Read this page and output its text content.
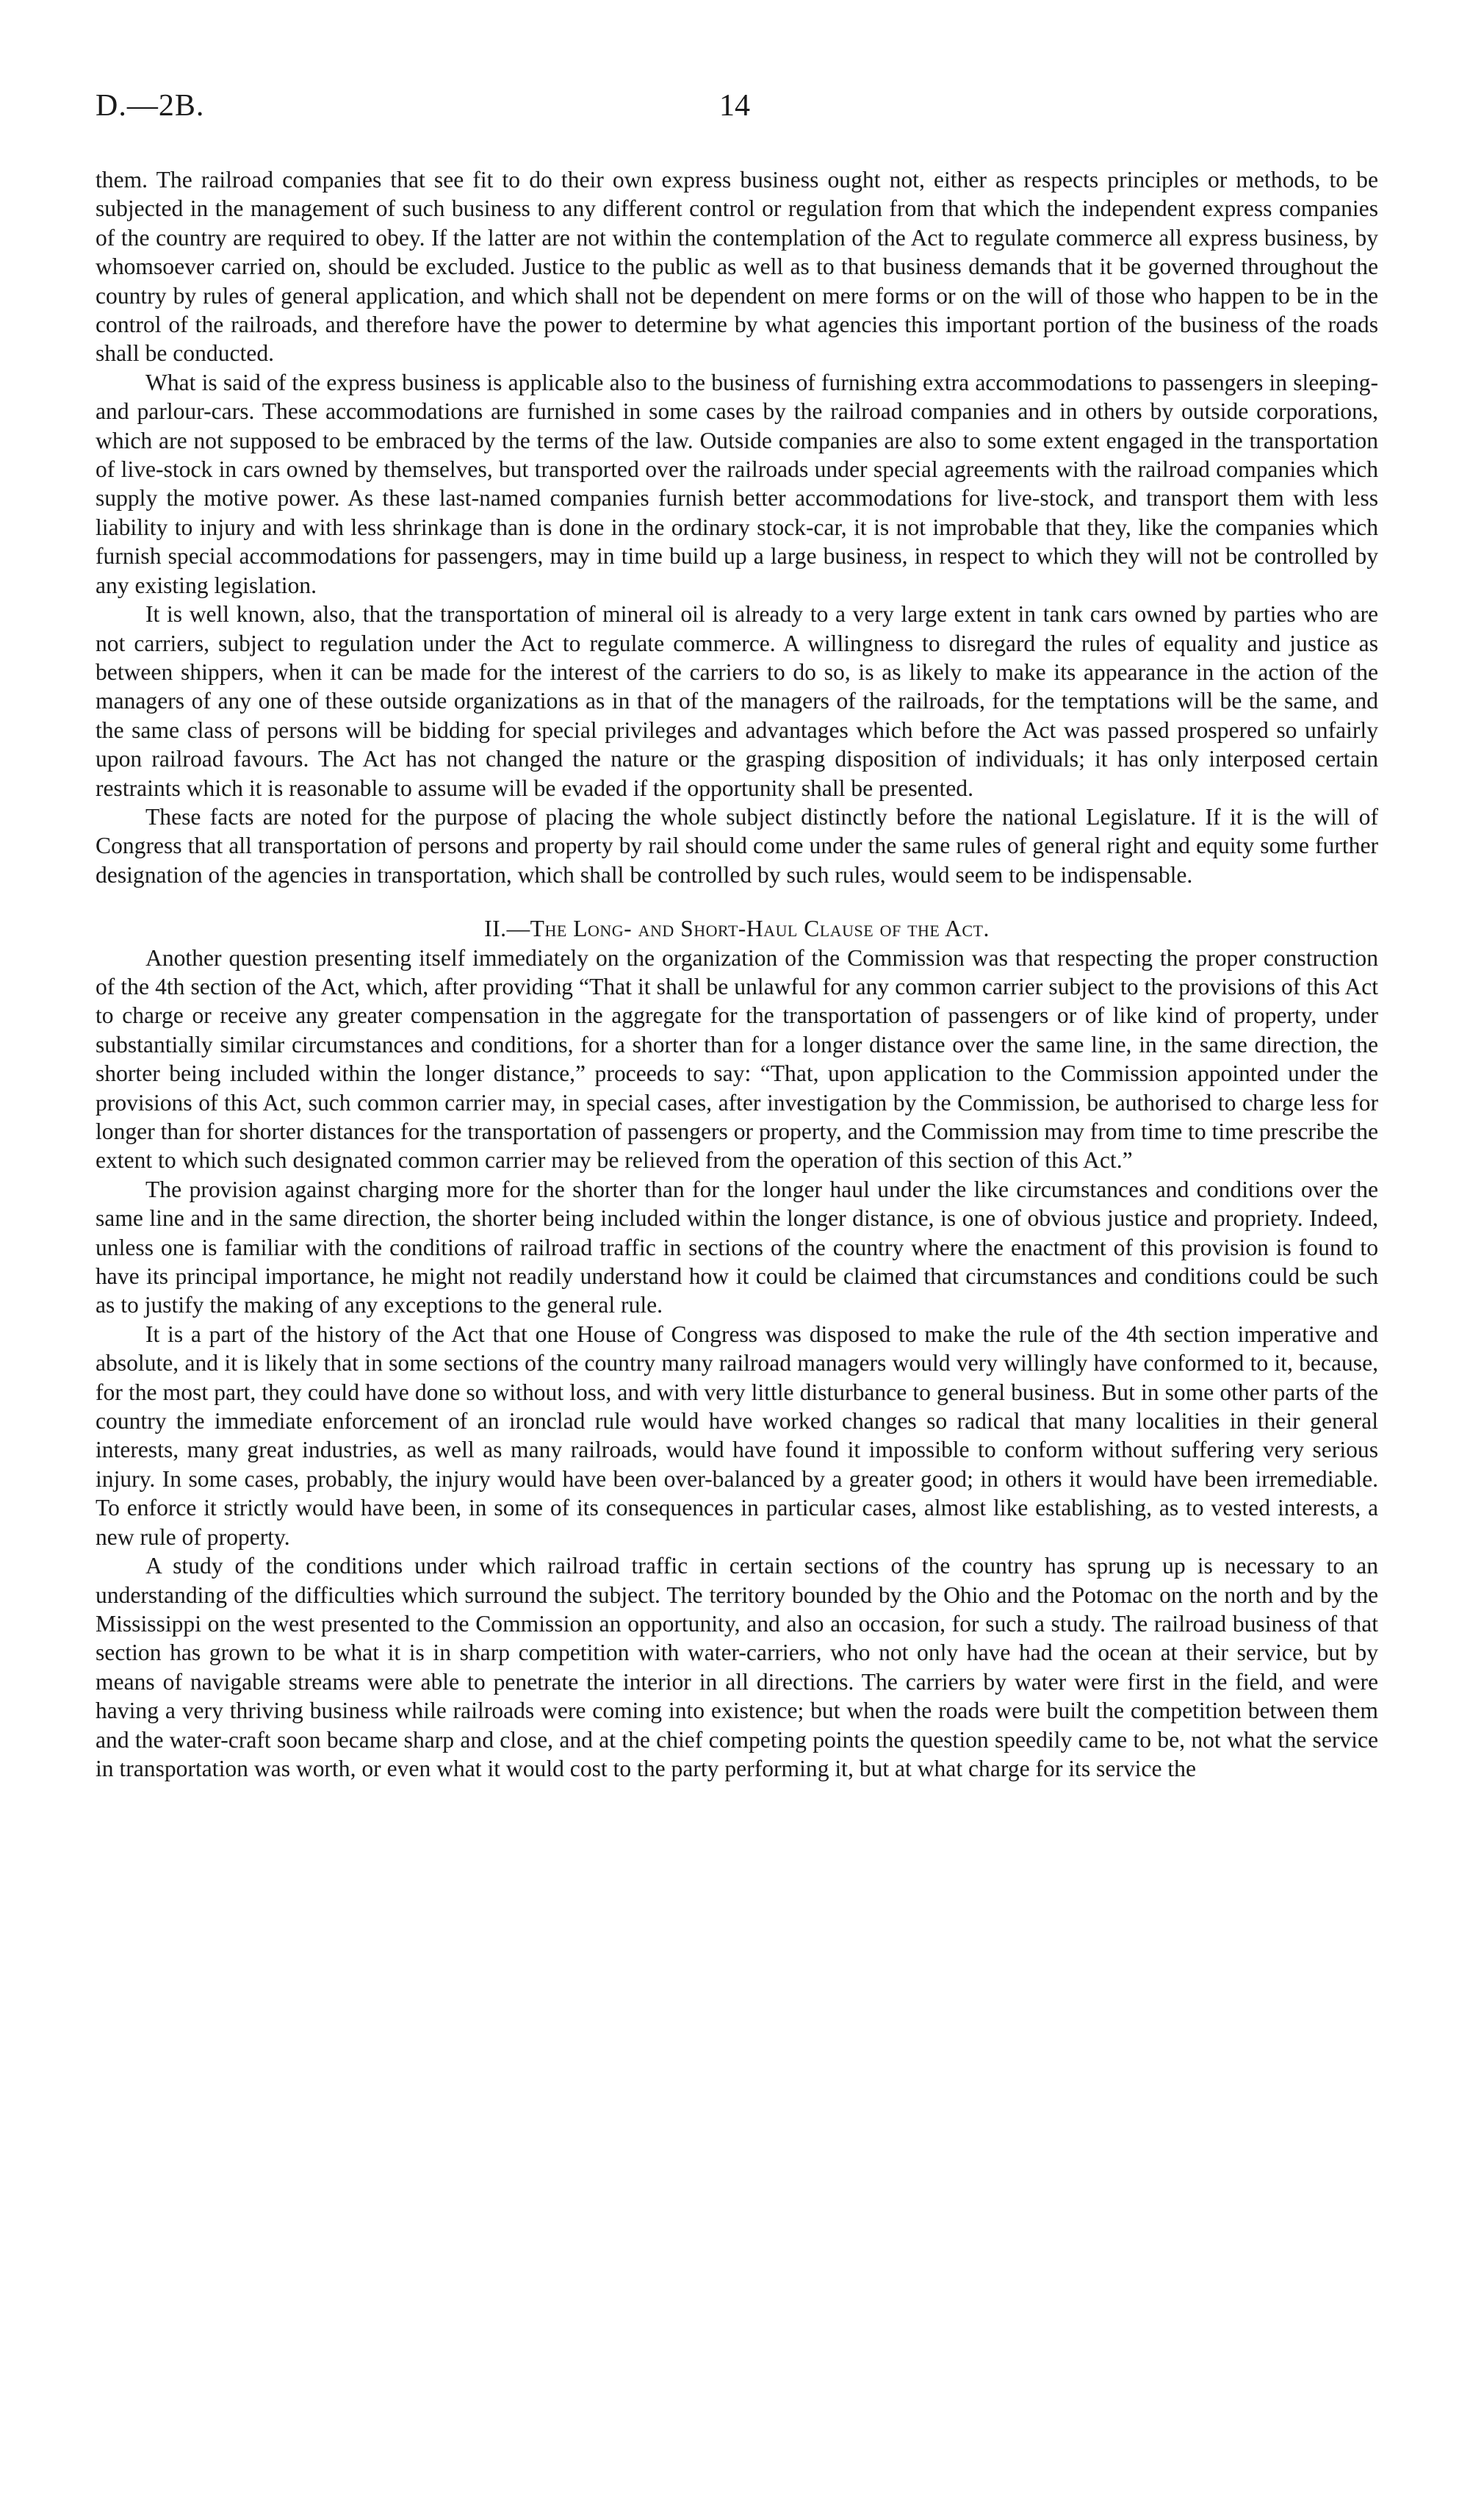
D.—2B.	14

them. The railroad companies that see fit to do their own express business ought not, either as respects principles or methods, to be subjected in the management of such business to any different control or regulation from that which the independent express companies of the country are required to obey. If the latter are not within the contemplation of the Act to regulate commerce all express business, by whomsoever carried on, should be excluded. Justice to the public as well as to that business demands that it be governed throughout the country by rules of general application, and which shall not be dependent on mere forms or on the will of those who happen to be in the control of the railroads, and therefore have the power to determine by what agencies this important portion of the business of the roads shall be conducted.

What is said of the express business is applicable also to the business of furnishing extra accommodations to passengers in sleeping- and parlour-cars. These accommodations are furnished in some cases by the railroad companies and in others by outside corporations, which are not supposed to be embraced by the terms of the law. Outside companies are also to some extent engaged in the transportation of live-stock in cars owned by themselves, but transported over the railroads under special agreements with the railroad companies which supply the motive power. As these last-named companies furnish better accommodations for live-stock, and transport them with less liability to injury and with less shrinkage than is done in the ordinary stock-car, it is not improbable that they, like the companies which furnish special accommodations for passengers, may in time build up a large business, in respect to which they will not be controlled by any existing legislation.

It is well known, also, that the transportation of mineral oil is already to a very large extent in tank cars owned by parties who are not carriers, subject to regulation under the Act to regulate commerce. A willingness to disregard the rules of equality and justice as between shippers, when it can be made for the interest of the carriers to do so, is as likely to make its appearance in the action of the managers of any one of these outside organizations as in that of the managers of the railroads, for the temptations will be the same, and the same class of persons will be bidding for special privileges and advantages which before the Act was passed prospered so unfairly upon railroad favours. The Act has not changed the nature or the grasping disposition of individuals; it has only interposed certain restraints which it is reasonable to assume will be evaded if the opportunity shall be presented.

These facts are noted for the purpose of placing the whole subject distinctly before the national Legislature. If it is the will of Congress that all transportation of persons and property by rail should come under the same rules of general right and equity some further designation of the agencies in transportation, which shall be controlled by such rules, would seem to be indispensable.

II.—The Long- and Short-Haul Clause of the Act.

Another question presenting itself immediately on the organization of the Commission was that respecting the proper construction of the 4th section of the Act, which, after providing “That it shall be unlawful for any common carrier subject to the provisions of this Act to charge or receive any greater compensation in the aggregate for the transportation of passengers or of like kind of property, under substantially similar circumstances and conditions, for a shorter than for a longer distance over the same line, in the same direction, the shorter being included within the longer distance,” proceeds to say: “That, upon application to the Commission appointed under the provisions of this Act, such common carrier may, in special cases, after investigation by the Commission, be authorised to charge less for longer than for shorter distances for the transportation of passengers or property, and the Commission may from time to time prescribe the extent to which such designated common carrier may be relieved from the operation of this section of this Act.”

The provision against charging more for the shorter than for the longer haul under the like circumstances and conditions over the same line and in the same direction, the shorter being included within the longer distance, is one of obvious justice and propriety. Indeed, unless one is familiar with the conditions of railroad traffic in sections of the country where the enactment of this provision is found to have its principal importance, he might not readily understand how it could be claimed that circumstances and conditions could be such as to justify the making of any exceptions to the general rule.

It is a part of the history of the Act that one House of Congress was disposed to make the rule of the 4th section imperative and absolute, and it is likely that in some sections of the country many railroad managers would very willingly have conformed to it, because, for the most part, they could have done so without loss, and with very little disturbance to general business. But in some other parts of the country the immediate enforcement of an ironclad rule would have worked changes so radical that many localities in their general interests, many great industries, as well as many railroads, would have found it impossible to conform without suffering very serious injury. In some cases, probably, the injury would have been over-balanced by a greater good; in others it would have been irremediable. To enforce it strictly would have been, in some of its consequences in particular cases, almost like establishing, as to vested interests, a new rule of property.

A study of the conditions under which railroad traffic in certain sections of the country has sprung up is necessary to an understanding of the difficulties which surround the subject. The territory bounded by the Ohio and the Potomac on the north and by the Mississippi on the west presented to the Commission an opportunity, and also an occasion, for such a study. The railroad business of that section has grown to be what it is in sharp competition with water-carriers, who not only have had the ocean at their service, but by means of navigable streams were able to penetrate the interior in all directions. The carriers by water were first in the field, and were having a very thriving business while railroads were coming into existence; but when the roads were built the competition between them and the water-craft soon became sharp and close, and at the chief competing points the question speedily came to be, not what the service in transportation was worth, or even what it would cost to the party performing it, but at what charge for its service the
